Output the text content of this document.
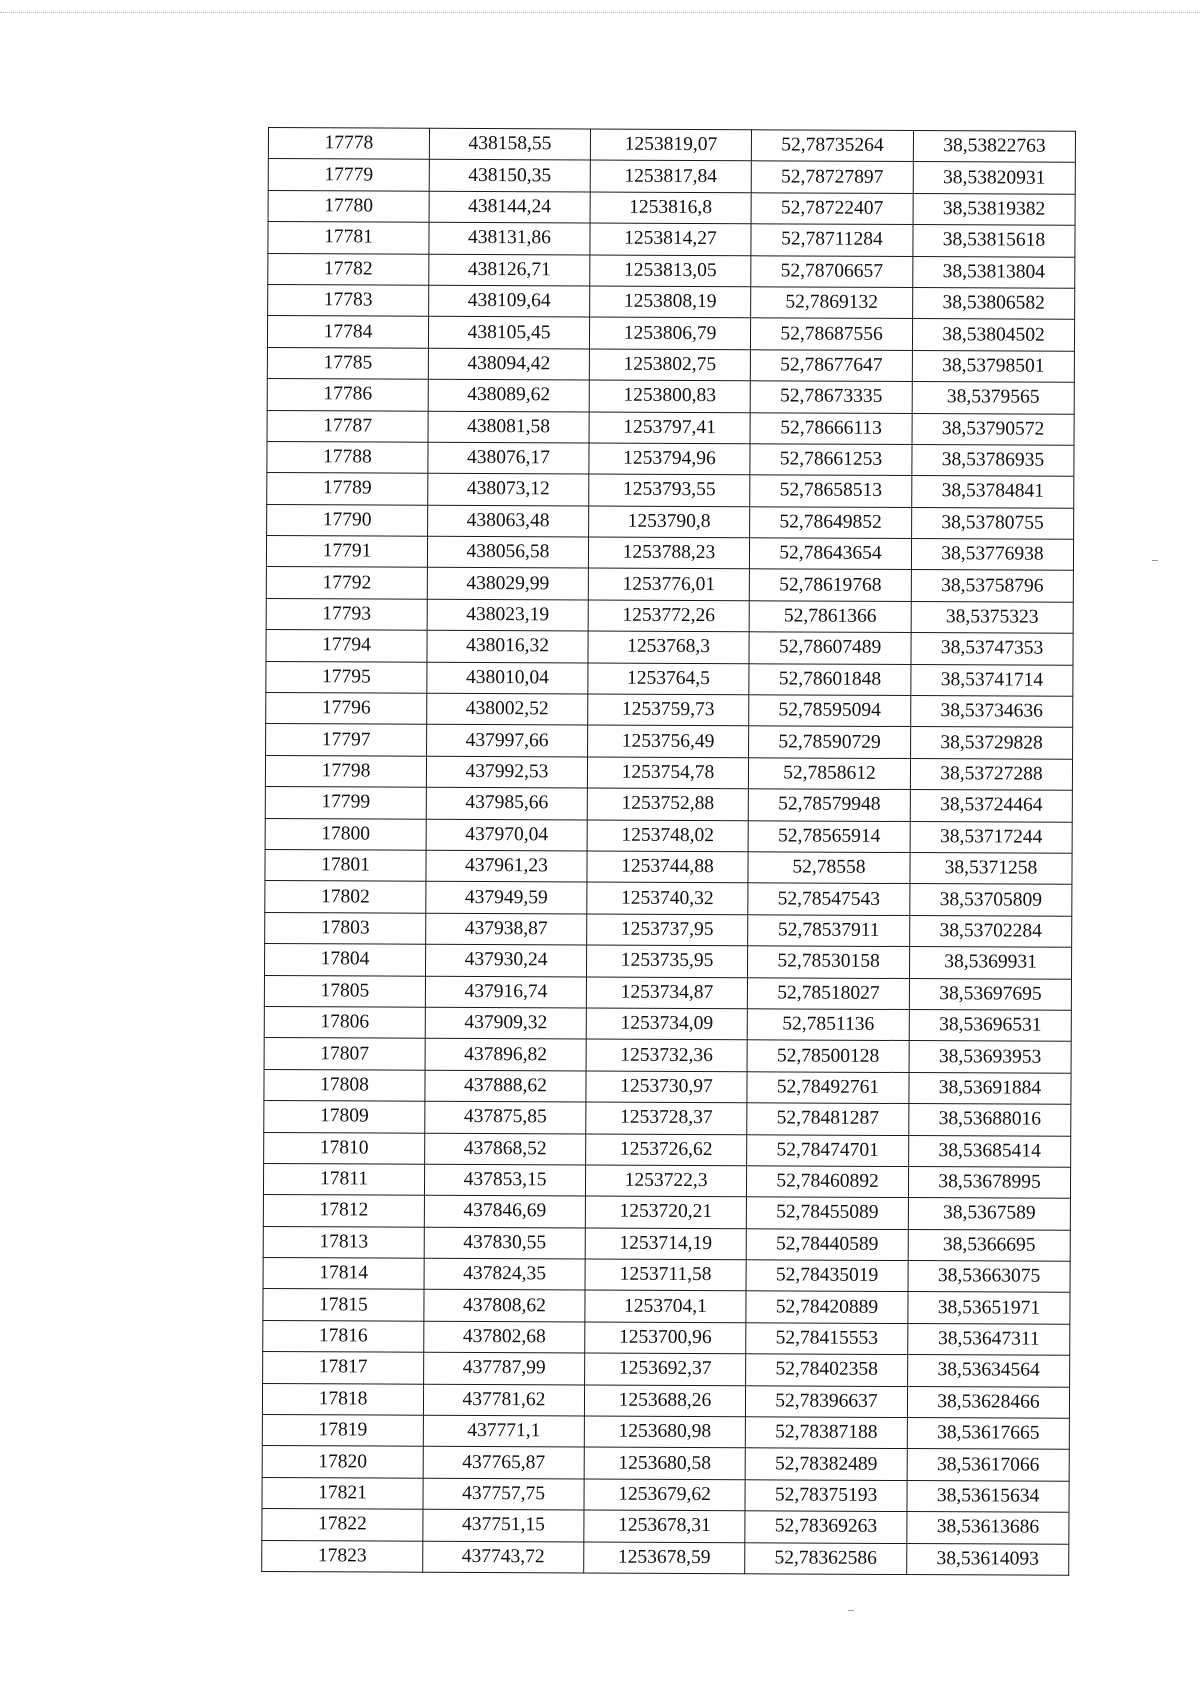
17778	438158,55	1253819,07	52,78735264	38,53822763
17779	438150,35	1253817,84	52,78727897	38,53820931
17780	438144,24	1253816,8	52,78722407	38,53819382
17781	438131,86	1253814,27	52,78711284	38,53815618
17782	438126,71	1253813,05	52,78706657	38,53813804
17783	438109,64	1253808,19	52,7869132	38,53806582
17784	438105,45	1253806,79	52,78687556	38,53804502
17785	438094,42	1253802,75	52,78677647	38,53798501
17786	438089,62	1253800,83	52,78673335	38,5379565
17787	438081,58	1253797,41	52,78666113	38,53790572
17788	438076,17	1253794,96	52,78661253	38,53786935
17789	438073,12	1253793,55	52,78658513	38,53784841
17790	438063,48	1253790,8	52,78649852	38,53780755
17791	438056,58	1253788,23	52,78643654	38,53776938
17792	438029,99	1253776,01	52,78619768	38,53758796
17793	438023,19	1253772,26	52,7861366	38,5375323
17794	438016,32	1253768,3	52,78607489	38,53747353
17795	438010,04	1253764,5	52,78601848	38,53741714
17796	438002,52	1253759,73	52,78595094	38,53734636
17797	437997,66	1253756,49	52,78590729	38,53729828
17798	437992,53	1253754,78	52,7858612	38,53727288
17799	437985,66	1253752,88	52,78579948	38,53724464
17800	437970,04	1253748,02	52,78565914	38,53717244
17801	437961,23	1253744,88	52,78558	38,5371258
17802	437949,59	1253740,32	52,78547543	38,53705809
17803	437938,87	1253737,95	52,78537911	38,53702284
17804	437930,24	1253735,95	52,78530158	38,5369931
17805	437916,74	1253734,87	52,78518027	38,53697695
17806	437909,32	1253734,09	52,7851136	38,53696531
17807	437896,82	1253732,36	52,78500128	38,53693953
17808	437888,62	1253730,97	52,78492761	38,53691884
17809	437875,85	1253728,37	52,78481287	38,53688016
17810	437868,52	1253726,62	52,78474701	38,53685414
17811	437853,15	1253722,3	52,78460892	38,53678995
17812	437846,69	1253720,21	52,78455089	38,5367589
17813	437830,55	1253714,19	52,78440589	38,5366695
17814	437824,35	1253711,58	52,78435019	38,53663075
17815	437808,62	1253704,1	52,78420889	38,53651971
17816	437802,68	1253700,96	52,78415553	38,53647311
17817	437787,99	1253692,37	52,78402358	38,53634564
17818	437781,62	1253688,26	52,78396637	38,53628466
17819	437771,1	1253680,98	52,78387188	38,53617665
17820	437765,87	1253680,58	52,78382489	38,53617066
17821	437757,75	1253679,62	52,78375193	38,53615634
17822	437751,15	1253678,31	52,78369263	38,53613686
17823	437743,72	1253678,59	52,78362586	38,53614093
